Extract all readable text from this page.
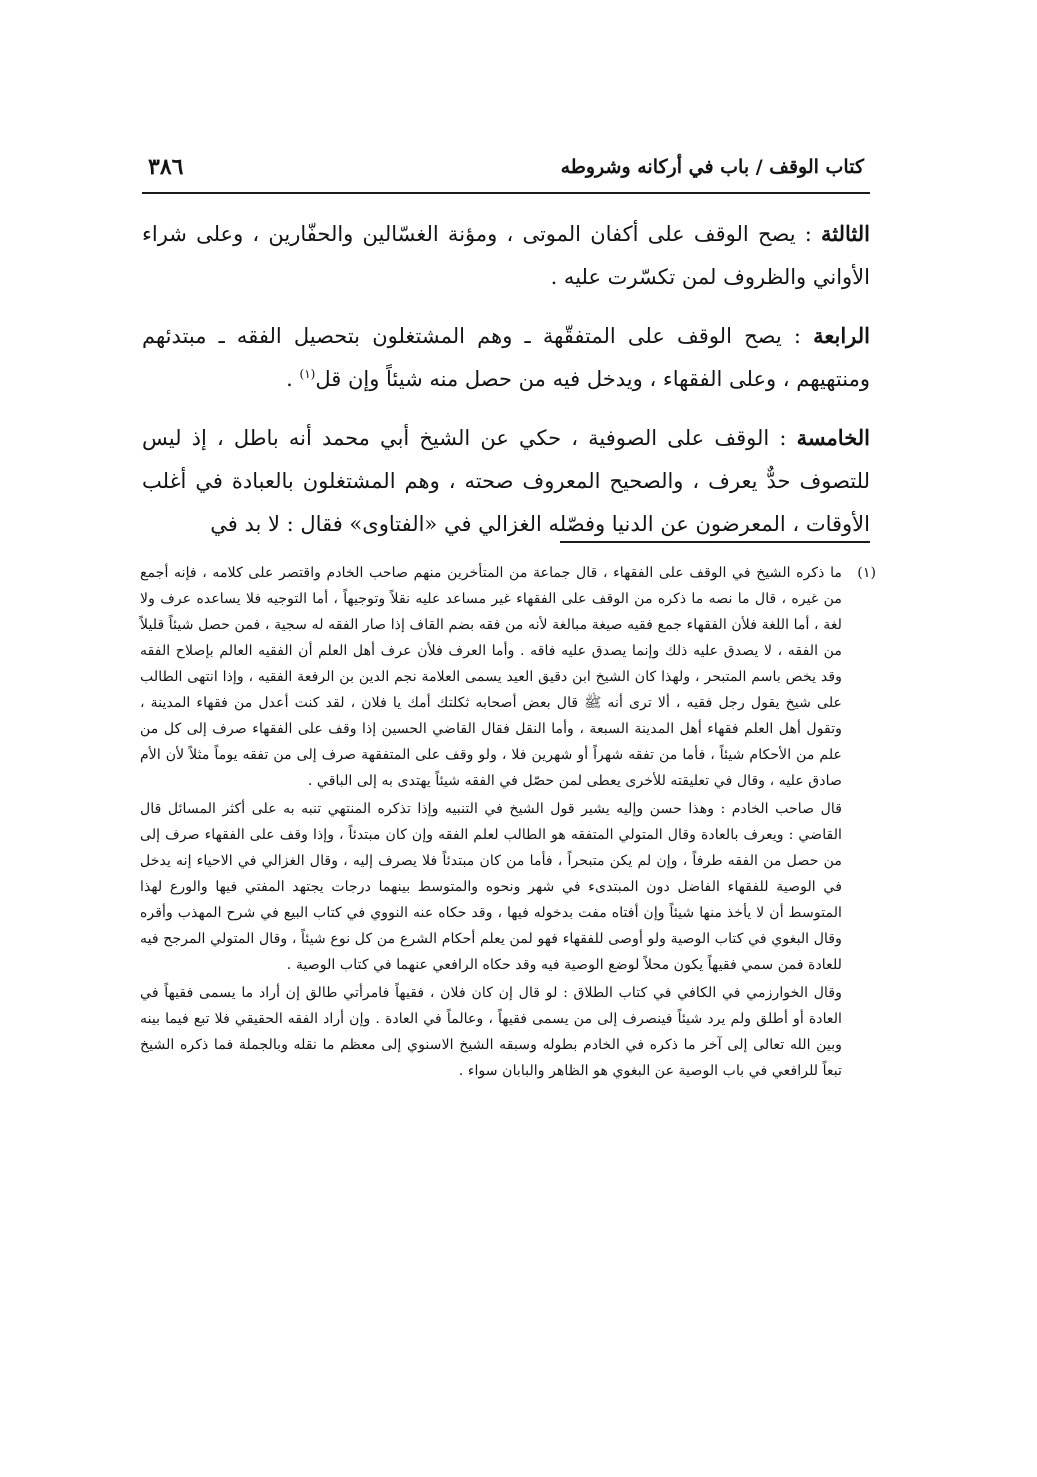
كتاب الوقف / باب في أركانه وشروطه
٣٨٦

الثالثة : يصح الوقف على أكفان الموتى ، ومؤنة الغسّالين والحفّارين ، وعلى شراء الأواني والظروف لمن تكسّرت عليه .

الرابعة : يصح الوقف على المتفقّهة ـ وهم المشتغلون بتحصيل الفقه ـ مبتدئهم ومنتهيهم ، وعلى الفقهاء ، ويدخل فيه من حصل منه شيئاً وإن قل$^{(١)}$ .

الخامسة : الوقف على الصوفية ، حكي عن الشيخ أبي محمد أنه باطل ، إذ ليس للتصوف حدٌّ يعرف ، والصحيح المعروف صحته ، وهم المشتغلون بالعبادة في أغلب الأوقات ، المعرضون عن الدنيا وفصّله الغزالي في «الفتاوى» فقال : لا بد في

(١)

ما ذكره الشيخ في الوقف على الفقهاء ، قال جماعة من المتأخرين منهم صاحب الخادم واقتصر على كلامه ، فإنه أجمع من غيره ، قال ما نصه ما ذكره من الوقف على الفقهاء غير مساعد عليه نقلاً وتوجيهاً ، أما التوجيه فلا يساعده عرف ولا لغة ، أما اللغة فلأن الفقهاء جمع فقيه صيغة مبالغة لأنه من فقه بضم القاف إذا صار الفقه له سجية ، فمن حصل شيئاً قليلاً من الفقه ، لا يصدق عليه ذلك وإنما يصدق عليه فاقه . وأما العرف فلأن عرف أهل العلم أن الفقيه العالم بإصلاح الفقه وقد يخص باسم المتبحر ، ولهذا كان الشيخ ابن دقيق العيد يسمى العلامة نجم الدين بن الرفعة الفقيه ، وإذا انتهى الطالب على شيخ يقول رجل فقيه ، ألا ترى أنه ﷺ قال بعض أصحابه ثكلتك أمك يا فلان ، لقد كنت أعدل من فقهاء المدينة ، وتقول أهل العلم فقهاء أهل المدينة السبعة ، وأما النقل فقال القاضي الحسين إذا وقف على الفقهاء صرف إلى كل من علم من الأحكام شيئاً ، فأما من تفقه شهراً أو شهرين فلا ، ولو وقف على المتفقهة صرف إلى من تفقه يوماً مثلاً لأن الأم صادق عليه ، وقال في تعليقته للأخرى يعطى لمن حصّل في الفقه شيئاً يهتدى به إلى الباقي .

قال صاحب الخادم : وهذا حسن وإليه يشير قول الشيخ في التنبيه وإذا تذكره المنتهي تنبه به على أكثر المسائل قال القاضي : ويعرف بالعادة وقال المتولي المتفقه هو الطالب لعلم الفقه وإن كان مبتدئاً ، وإذا وقف على الفقهاء صرف إلى من حصل من الفقه طرفاً ، وإن لم يكن متبحراً ، فأما من كان مبتدئاً فلا يصرف إليه ، وقال الغزالي في الاحياء إنه يدخل في الوصية للفقهاء الفاضل دون المبتدىء في شهر ونحوه والمتوسط بينهما درجات يجتهد المفتي فيها والورع لهذا المتوسط أن لا يأخذ منها شيئاً وإن أفتاه مفت بدخوله فيها ، وقد حكاه عنه النووي في كتاب البيع في شرح المهذب وأقره وقال البغوي في كتاب الوصية ولو أوصى للفقهاء فهو لمن يعلم أحكام الشرع من كل نوع شيئاً ، وقال المتولي المرجح فيه للعادة فمن سمي فقيهاً يكون محلاً لوضع الوصية فيه وقد حكاه الرافعي عنهما في كتاب الوصية .

وقال الخوارزمي في الكافي في كتاب الطلاق : لو قال إن كان فلان ، فقيهاً فامرأتي طالق إن أراد ما يسمى فقيهاً في العادة أو أطلق ولم يرد شيئاً فينصرف إلى من يسمى فقيهاً ، وعالماً في العادة . وإن أراد الفقه الحقيقي فلا تبع فيما بينه وبين الله تعالى إلى آخر ما ذكره في الخادم بطوله وسبقه الشيخ الاسنوي إلى معظم ما نقله وبالجملة فما ذكره الشيخ تبعاً للرافعي في باب الوصية عن البغوي هو الظاهر والبابان سواء .
